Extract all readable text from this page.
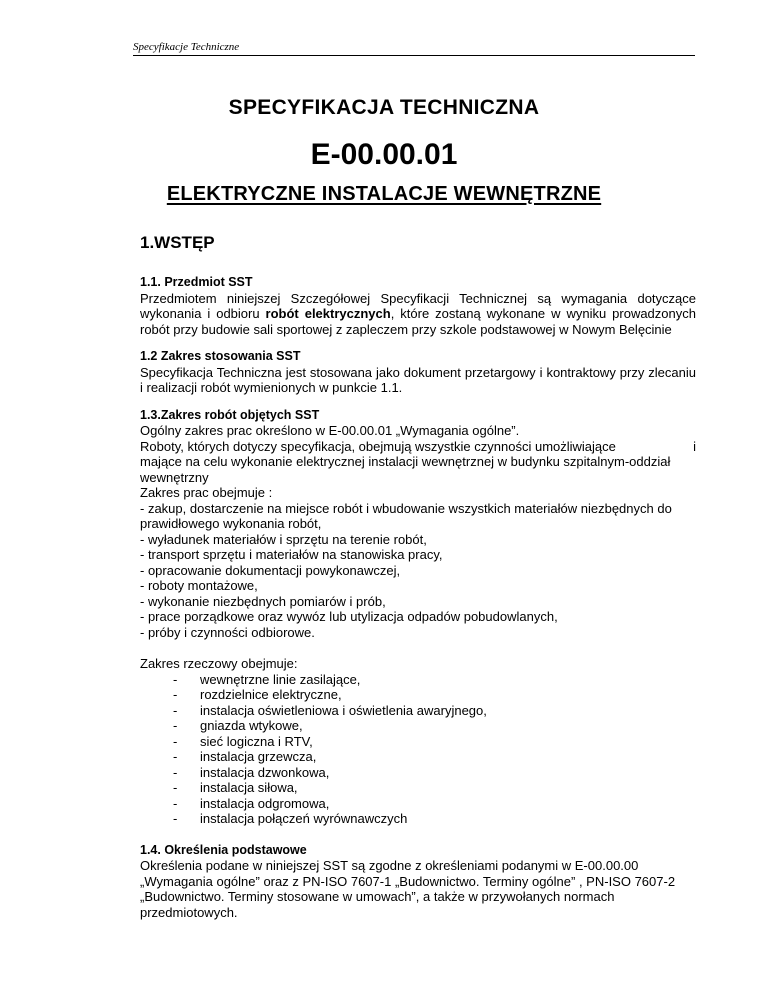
Specyfikacje Techniczne
SPECYFIKACJA TECHNICZNA
E-00.00.01
ELEKTRYCZNE INSTALACJE WEWNĘTRZNE
1.WSTĘP

1.1. Przedmiot SST

Przedmiotem niniejszej Szczegółowej Specyfikacji Technicznej są wymagania dotyczące wykonania i odbioru robót elektrycznych, które zostaną wykonane w wyniku prowadzonych robót przy budowie sali sportowej z zapleczem przy szkole podstawowej w Nowym Belęcinie

1.2 Zakres stosowania SST

Specyfikacja Techniczna jest stosowana jako dokument przetargowy i kontraktowy przy zlecaniu i realizacji robót wymienionych w punkcie 1.1.

1.3.Zakres robót objętych SST

Ogólny zakres prac określono w E-00.00.01 „Wymagania ogólne”.
Roboty, których dotyczy specyfikacja, obejmują wszystkie czynności umożliwiające	i
mające na celu wykonanie elektrycznej instalacji wewnętrznej w budynku szpitalnym-oddział
wewnętrzny
Zakres prac obejmuje :
- zakup, dostarczenie na miejsce robót i wbudowanie wszystkich materiałów niezbędnych do prawidłowego wykonania robót,
- wyładunek materiałów i sprzętu na terenie robót,
- transport sprzętu i materiałów na stanowiska pracy,
- opracowanie dokumentacji powykonawczej,
- roboty montażowe,
- wykonanie niezbędnych pomiarów i prób,
- prace porządkowe oraz wywóz lub utylizacja odpadów pobudowlanych,
- próby i czynności odbiorowe.
Zakres rzeczowy obejmuje:
- wewnętrzne linie zasilające,
- rozdzielnice elektryczne,
- instalacja oświetleniowa i oświetlenia awaryjnego,
- gniazda wtykowe,
- sieć logiczna i RTV,
- instalacja grzewcza,
- instalacja dzwonkowa,
- instalacja siłowa,
- instalacja odgromowa,
- instalacja połączeń wyrównawczych

1.4. Określenia podstawowe

Określenia podane w niniejszej SST są zgodne z określeniami podanymi w E-00.00.00
„Wymagania ogólne” oraz z PN-ISO 7607-1 „Budownictwo. Terminy ogólne” , PN-ISO 7607-2
„Budownictwo. Terminy stosowane w umowach”, a także w przywołanych normach
przedmiotowych.
